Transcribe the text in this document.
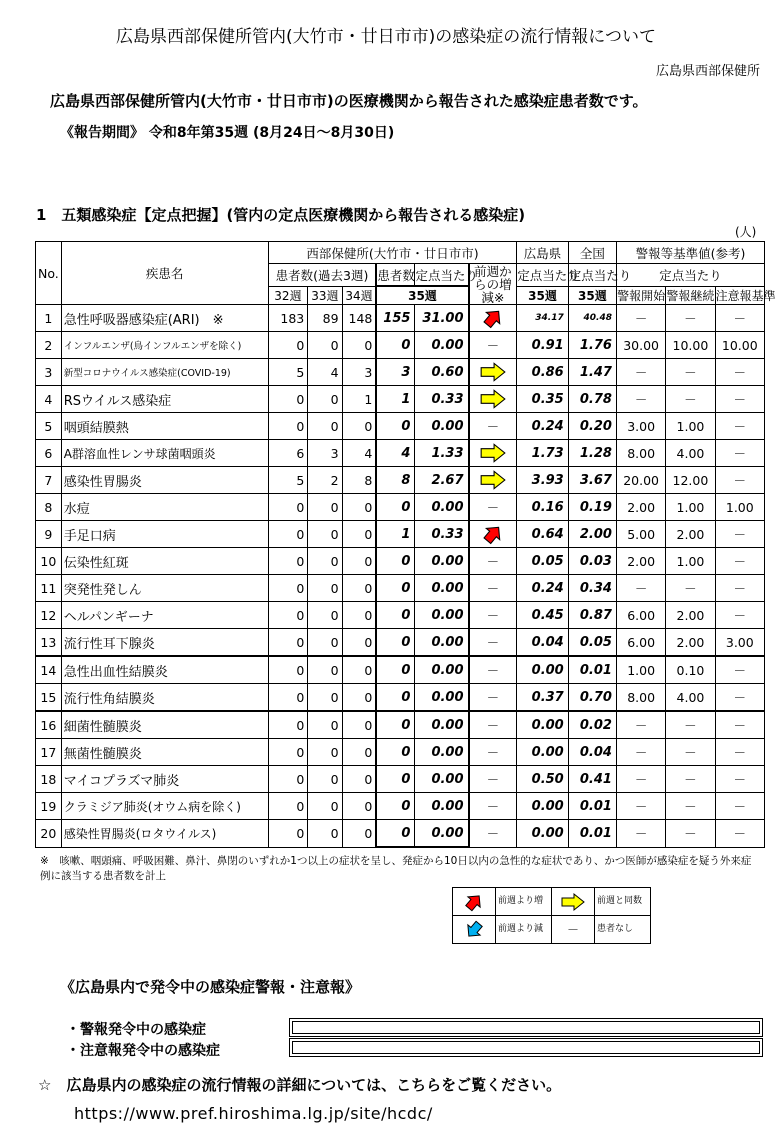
広島県西部保健所管内(大竹市・廿日市市)の感染症の流行情報について
広島県西部保健所
広島県西部保健所管内(大竹市・廿日市市)の医療機関から報告された感染症患者数です。
《報告期間》 令和8年第35週 (8月24日～8月30日)
1　五類感染症【定点把握】(管内の定点医療機関から報告される感染症)
(人)
No.	疾患名	西部保健所(大竹市・廿日市市)						広島県	全国	警報等基準値(参考)		
		患者数(過去3週)			患者数	定点当たり	前週からの増減※	定点当たり	定点当たり	定点当たり		
		32週	33週	34週	35週			35週	35週	警報開始	警報継続	注意報基準
1	急性呼吸器感染症(ARI)　※	183	89	148	155	31.00		34.17	40.48	－	－	－
2	インフルエンザ(鳥インフルエンザを除く)	0	0	0	0	0.00	－	0.91	1.76	30.00	10.00	10.00
3	新型コロナウイルス感染症(COVID-19)	5	4	3	3	0.60		0.86	1.47	－	－	－
4	RSウイルス感染症	0	0	1	1	0.33		0.35	0.78	－	－	－
5	咽頭結膜熱	0	0	0	0	0.00	－	0.24	0.20	3.00	1.00	－
6	A群溶血性レンサ球菌咽頭炎	6	3	4	4	1.33		1.73	1.28	8.00	4.00	－
7	感染性胃腸炎	5	2	8	8	2.67		3.93	3.67	20.00	12.00	－
8	水痘	0	0	0	0	0.00	－	0.16	0.19	2.00	1.00	1.00
9	手足口病	0	0	0	1	0.33		0.64	2.00	5.00	2.00	－
10	伝染性紅斑	0	0	0	0	0.00	－	0.05	0.03	2.00	1.00	－
11	突発性発しん	0	0	0	0	0.00	－	0.24	0.34	－	－	－
12	ヘルパンギーナ	0	0	0	0	0.00	－	0.45	0.87	6.00	2.00	－
13	流行性耳下腺炎	0	0	0	0	0.00	－	0.04	0.05	6.00	2.00	3.00
14	急性出血性結膜炎	0	0	0	0	0.00	－	0.00	0.01	1.00	0.10	－
15	流行性角結膜炎	0	0	0	0	0.00	－	0.37	0.70	8.00	4.00	－
16	細菌性髄膜炎	0	0	0	0	0.00	－	0.00	0.02	－	－	－
17	無菌性髄膜炎	0	0	0	0	0.00	－	0.00	0.04	－	－	－
18	マイコプラズマ肺炎	0	0	0	0	0.00	－	0.50	0.41	－	－	－
19	クラミジア肺炎(オウム病を除く)	0	0	0	0	0.00	－	0.00	0.01	－	－	－
20	感染性胃腸炎(ロタウイルス)	0	0	0	0	0.00	－	0.00	0.01	－	－	－
※　咳嗽、咽頭痛、呼吸困難、鼻汁、鼻閉のいずれか1つ以上の症状を呈し、発症から10日以内の急性的な症状であり、かつ医師が感染症を疑う外来症例に該当する患者数を計上
	前週より増		前週と同数

	前週より減	－	患者なし
《広島県内で発令中の感染症警報・注意報》
・警報発令中の感染症
・注意報発令中の感染症
☆　広島県内の感染症の流行情報の詳細については、こちらをご覧ください。
https://www.pref.hiroshima.lg.jp/site/hcdc/
